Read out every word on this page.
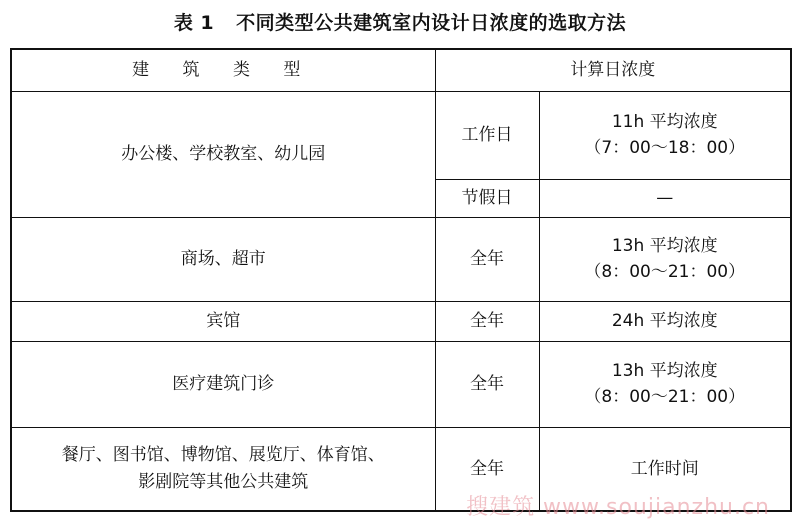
表 1 不同类型公共建筑室内设计日浓度的选取方法
建 筑 类 型	计算日浓度	
办公楼、学校教室、幼儿园	工作日	11h 平均浓度
（7：00～18：00）

	节假日	—
商场、超市	全年	13h 平均浓度
（8：00～21：00）

宾馆	全年	24h 平均浓度
医疗建筑门诊	全年	13h 平均浓度
（8：00～21：00）

餐厅、图书馆、博物馆、展览厅、体育馆、
影剧院等其他公共建筑	全年	工作时间
搜建筑 www.soujianzhu.cn
